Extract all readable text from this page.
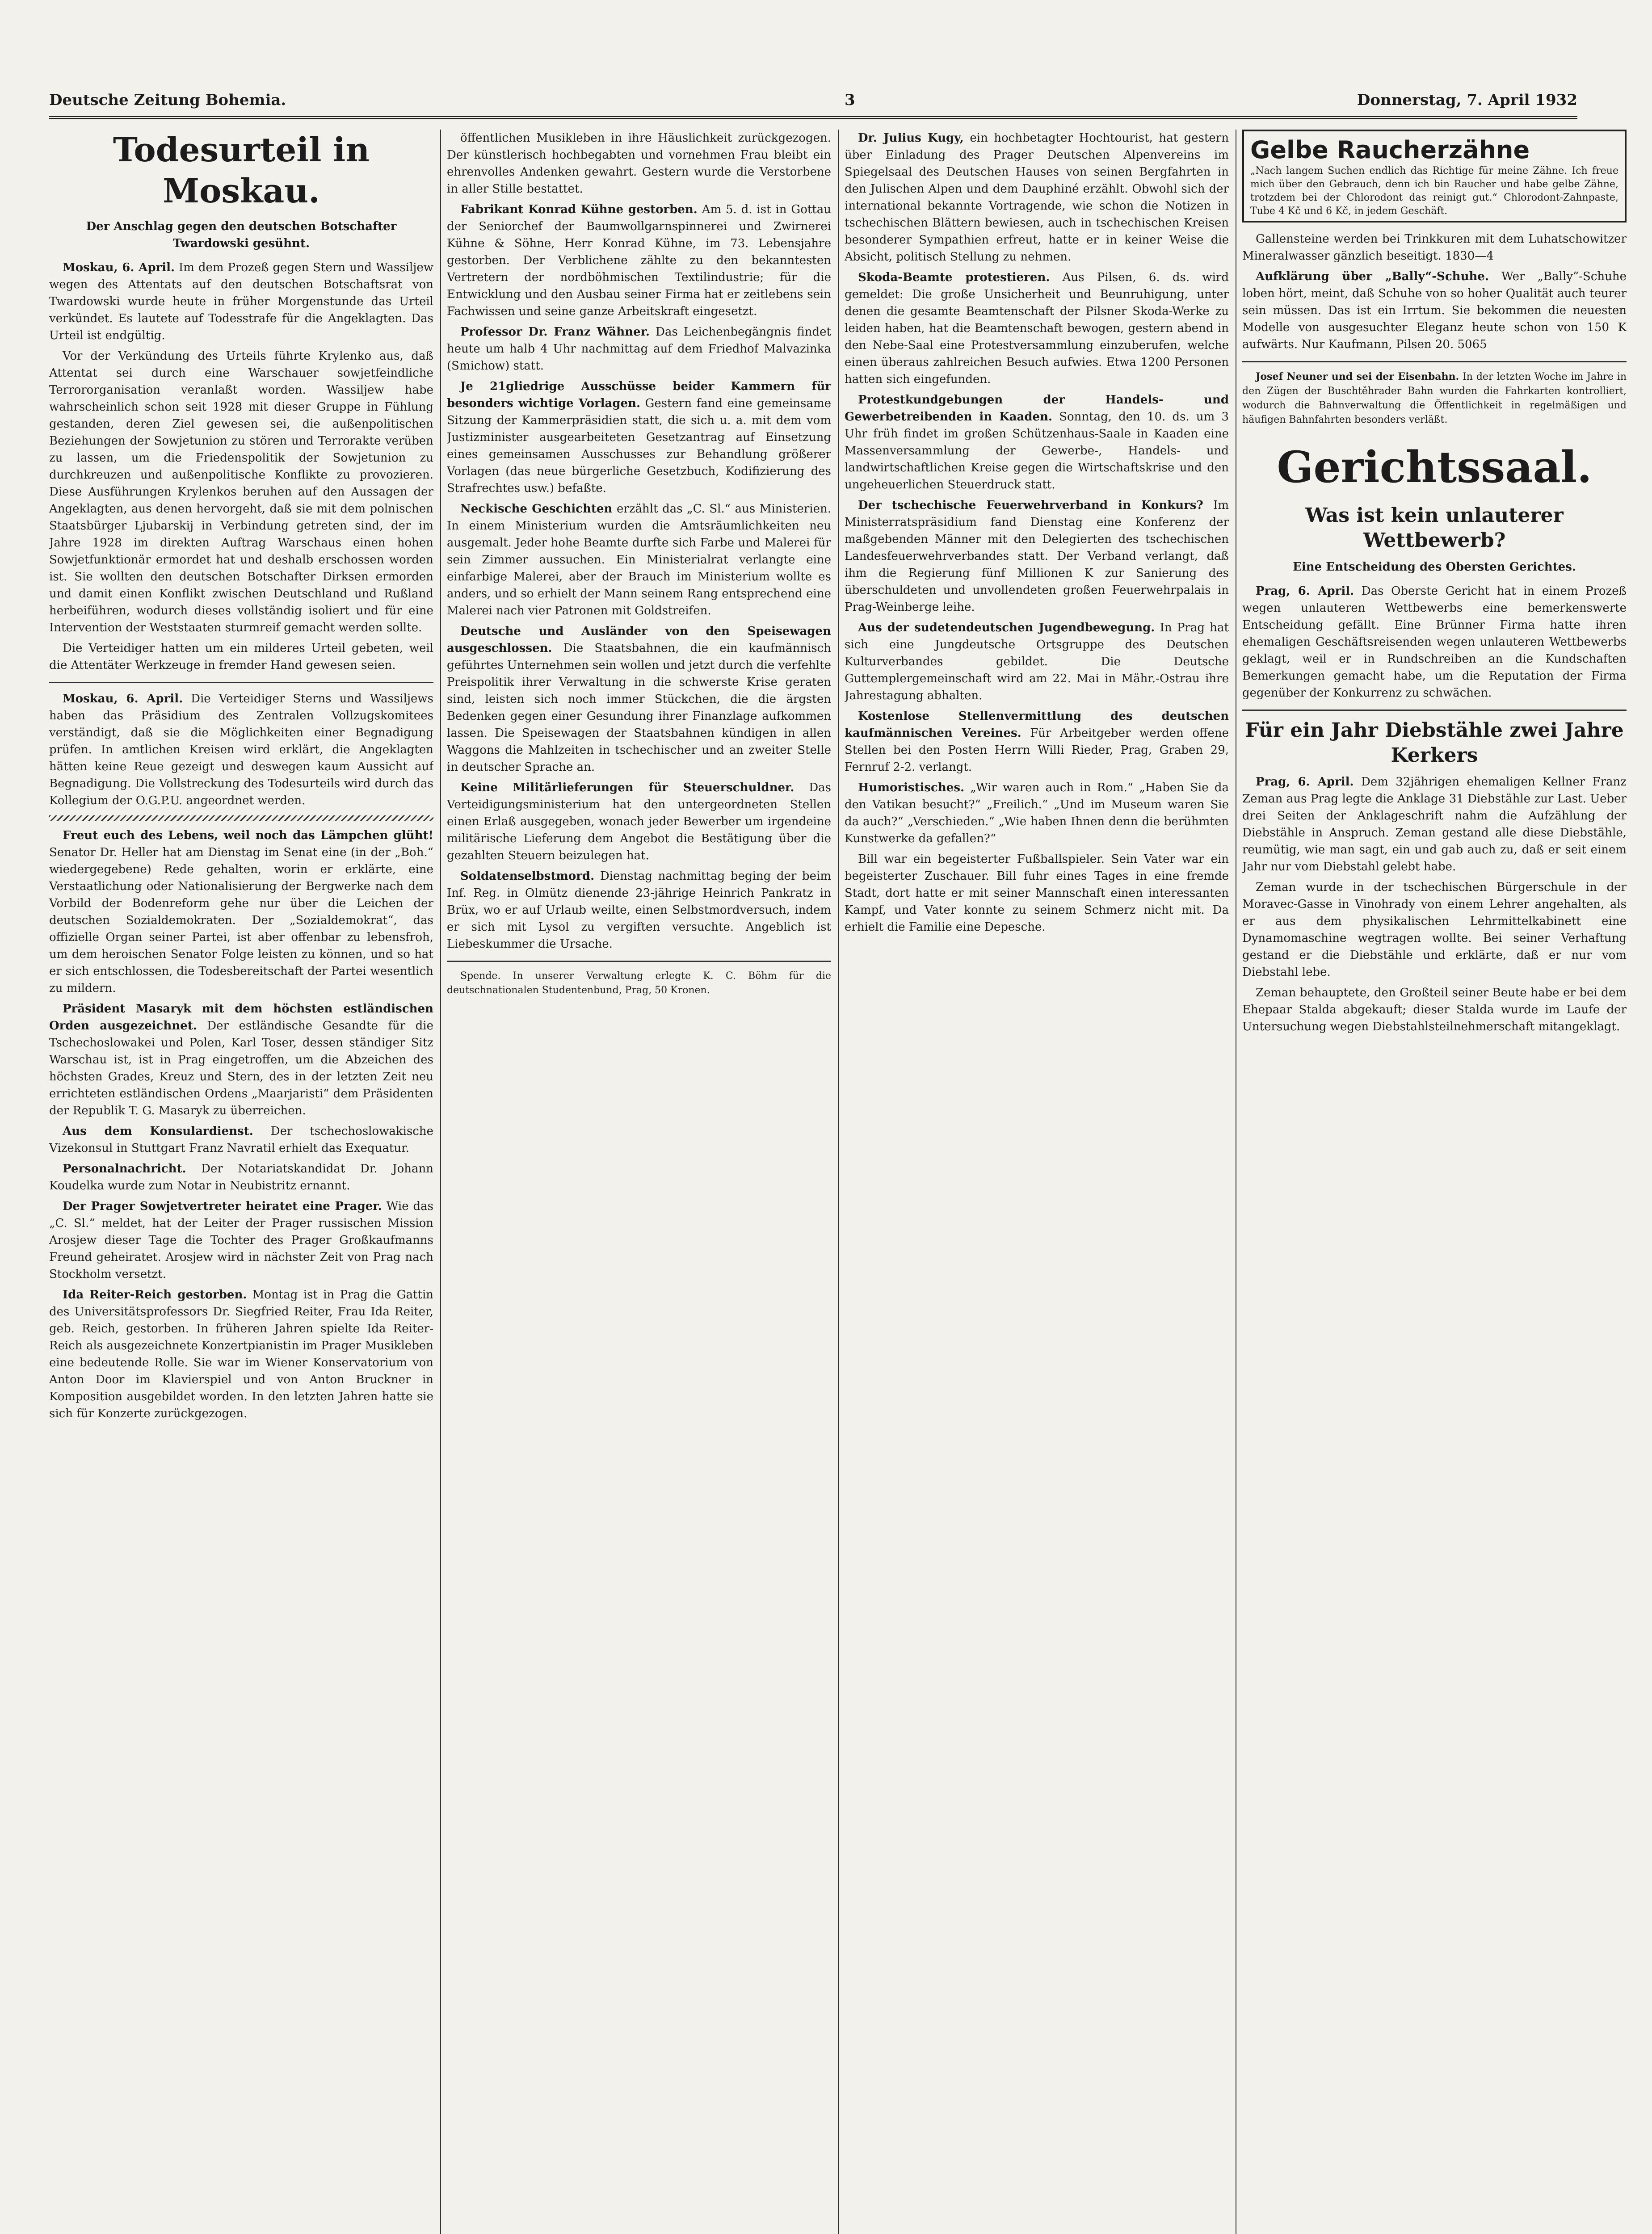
Deutsche Zeitung Bohemia.	3	Donnerstag, 7. April 1932
Todesurteil in Moskau.
Der Anschlag gegen den deutschen Botschafter Twardowski gesühnt.

Moskau, 6. April. Im dem Prozeß gegen Stern und Wassiljew wegen des Attentats auf den deutschen Botschaftsrat von Twardowski wurde heute in früher Morgenstunde das Urteil verkündet. Es lautete auf Todesstrafe für die Angeklagten. Das Urteil ist endgültig.

Vor der Verkündung des Urteils führte Krylenko aus, daß Attentat sei durch eine Warschauer sowjetfeindliche Terrororganisation veranlaßt worden. Wassiljew habe wahrscheinlich schon seit 1928 mit dieser Gruppe in Fühlung gestanden, deren Ziel gewesen sei, die außenpolitischen Beziehungen der Sowjetunion zu stören und Terrorakte verüben zu lassen, um die Friedenspolitik der Sowjetunion zu durchkreuzen und außenpolitische Konflikte zu provozieren. Diese Ausführungen Krylenkos beruhen auf den Aussagen der Angeklagten, aus denen hervorgeht, daß sie mit dem polnischen Staatsbürger Ljubarskij in Verbindung getreten sind, der im Jahre 1928 im direkten Auftrag Warschaus einen hohen Sowjetfunktionär ermordet hat und deshalb erschossen worden ist. Sie wollten den deutschen Botschafter Dirksen ermorden und damit einen Konflikt zwischen Deutschland und Rußland herbeiführen, wodurch dieses vollständig isoliert und für eine Intervention der Weststaaten sturmreif gemacht werden sollte.

Die Verteidiger hatten um ein milderes Urteil gebeten, weil die Attentäter Werkzeuge in fremder Hand gewesen seien.

Moskau, 6. April. Die Verteidiger Sterns und Wassiljews haben das Präsidium des Zentralen Vollzugskomitees verständigt, daß sie die Möglichkeiten einer Begnadigung prüfen. In amtlichen Kreisen wird erklärt, die Angeklagten hätten keine Reue gezeigt und deswegen kaum Aussicht auf Begnadigung. Die Vollstreckung des Todesurteils wird durch das Kollegium der O.G.P.U. angeordnet werden.

Freut euch des Lebens, weil noch das Lämpchen glüht! Senator Dr. Heller hat am Dienstag im Senat eine (in der „Boh.“ wiedergegebene) Rede gehalten, worin er erklärte, eine Verstaatlichung oder Nationalisierung der Bergwerke nach dem Vorbild der Bodenreform gehe nur über die Leichen der deutschen Sozialdemokraten. Der „Sozialdemokrat“, das offizielle Organ seiner Partei, ist aber offenbar zu lebensfroh, um dem heroischen Senator Folge leisten zu können, und so hat er sich entschlossen, die Todesbereitschaft der Partei wesentlich zu mildern.

Präsident Masaryk mit dem höchsten estländischen Orden ausgezeichnet. Der estländische Gesandte für die Tschechoslowakei und Polen, Karl Toser, dessen ständiger Sitz Warschau ist, ist in Prag eingetroffen, um die Abzeichen des höchsten Grades, Kreuz und Stern, des in der letzten Zeit neu errichteten estländischen Ordens „Maarjaristi“ dem Präsidenten der Republik T. G. Masaryk zu überreichen.

Aus dem Konsulardienst. Der tschechoslowakische Vizekonsul in Stuttgart Franz Navratil erhielt das Exequatur.

Personalnachricht. Der Notariatskandidat Dr. Johann Koudelka wurde zum Notar in Neubistritz ernannt.

Der Prager Sowjetvertreter heiratet eine Prager. Wie das „C. Sl.“ meldet, hat der Leiter der Prager russischen Mission Arosjew dieser Tage die Tochter des Prager Großkaufmanns Freund geheiratet. Arosjew wird in nächster Zeit von Prag nach Stockholm versetzt.

Ida Reiter-Reich gestorben. Montag ist in Prag die Gattin des Universitätsprofessors Dr. Siegfried Reiter, Frau Ida Reiter, geb. Reich, gestorben. In früheren Jahren spielte Ida Reiter-Reich als ausgezeichnete Konzertpianistin im Prager Musikleben eine bedeutende Rolle. Sie war im Wiener Konservatorium von Anton Door im Klavierspiel und von Anton Bruckner in Komposition ausgebildet worden. In den letzten Jahren hatte sie sich für Konzerte zurückgezogen.

öffentlichen Musikleben in ihre Häuslichkeit zurückgezogen. Der künstlerisch hochbegabten und vornehmen Frau bleibt ein ehrenvolles Andenken gewahrt. Gestern wurde die Verstorbene in aller Stille bestattet.

Fabrikant Konrad Kühne gestorben. Am 5. d. ist in Gottau der Seniorchef der Baumwollgarnspinnerei und Zwirnerei Kühne & Söhne, Herr Konrad Kühne, im 73. Lebensjahre gestorben. Der Verblichene zählte zu den bekanntesten Vertretern der nordböhmischen Textilindustrie; für die Entwicklung und den Ausbau seiner Firma hat er zeitlebens sein Fachwissen und seine ganze Arbeitskraft eingesetzt.

Professor Dr. Franz Wähner. Das Leichenbegängnis findet heute um halb 4 Uhr nachmittag auf dem Friedhof Malvazinka (Smichow) statt.

Je 21gliedrige Ausschüsse beider Kammern für besonders wichtige Vorlagen. Gestern fand eine gemeinsame Sitzung der Kammerpräsidien statt, die sich u. a. mit dem vom Justizminister ausgearbeiteten Gesetzantrag auf Einsetzung eines gemeinsamen Ausschusses zur Behandlung größerer Vorlagen (das neue bürgerliche Gesetzbuch, Kodifizierung des Strafrechtes usw.) befaßte.

Neckische Geschichten erzählt das „C. Sl.“ aus Ministerien. In einem Ministerium wurden die Amtsräumlichkeiten neu ausgemalt. Jeder hohe Beamte durfte sich Farbe und Malerei für sein Zimmer aussuchen. Ein Ministerialrat verlangte eine einfarbige Malerei, aber der Brauch im Ministerium wollte es anders, und so erhielt der Mann seinem Rang entsprechend eine Malerei nach vier Patronen mit Goldstreifen.

Deutsche und Ausländer von den Speisewagen ausgeschlossen. Die Staatsbahnen, die ein kaufmännisch geführtes Unternehmen sein wollen und jetzt durch die verfehlte Preispolitik ihrer Verwaltung in die schwerste Krise geraten sind, leisten sich noch immer Stückchen, die die ärgsten Bedenken gegen einer Gesundung ihrer Finanzlage aufkommen lassen. Die Speisewagen der Staatsbahnen kündigen in allen Waggons die Mahlzeiten in tschechischer und an zweiter Stelle in deutscher Sprache an.

Keine Militärlieferungen für Steuerschuldner. Das Verteidigungsministerium hat den untergeordneten Stellen einen Erlaß ausgegeben, wonach jeder Bewerber um irgendeine militärische Lieferung dem Angebot die Bestätigung über die gezahlten Steuern beizulegen hat.

Soldatenselbstmord. Dienstag nachmittag beging der beim Inf. Reg. in Olmütz dienende 23-jährige Heinrich Pankratz in Brüx, wo er auf Urlaub weilte, einen Selbstmordversuch, indem er sich mit Lysol zu vergiften versuchte. Angeblich ist Liebeskummer die Ursache.

Spende. In unserer Verwaltung erlegte K. C. Böhm für die deutschnationalen Studentenbund, Prag, 50 Kronen.

Dr. Julius Kugy, ein hochbetagter Hochtourist, hat gestern über Einladung des Prager Deutschen Alpenvereins im Spiegelsaal des Deutschen Hauses von seinen Bergfahrten in den Julischen Alpen und dem Dauphiné erzählt. Obwohl sich der international bekannte Vortragende, wie schon die Notizen in tschechischen Blättern bewiesen, auch in tschechischen Kreisen besonderer Sympathien erfreut, hatte er in keiner Weise die Absicht, politisch Stellung zu nehmen.

Skoda-Beamte protestieren. Aus Pilsen, 6. ds. wird gemeldet: Die große Unsicherheit und Beunruhigung, unter denen die gesamte Beamtenschaft der Pilsner Skoda-Werke zu leiden haben, hat die Beamtenschaft bewogen, gestern abend in den Nebe-Saal eine Protestversammlung einzuberufen, welche einen überaus zahlreichen Besuch aufwies. Etwa 1200 Personen hatten sich eingefunden.

Protestkundgebungen der Handels- und Gewerbetreibenden in Kaaden. Sonntag, den 10. ds. um 3 Uhr früh findet im großen Schützenhaus-Saale in Kaaden eine Massenversammlung der Gewerbe-, Handels- und landwirtschaftlichen Kreise gegen die Wirtschaftskrise und den ungeheuerlichen Steuerdruck statt.

Der tschechische Feuerwehrverband in Konkurs? Im Ministerratspräsidium fand Dienstag eine Konferenz der maßgebenden Männer mit den Delegierten des tschechischen Landesfeuerwehrverbandes statt. Der Verband verlangt, daß ihm die Regierung fünf Millionen K zur Sanierung des überschuldeten und unvollendeten großen Feuerwehrpalais in Prag-Weinberge leihe.

Aus der sudetendeutschen Jugendbewegung. In Prag hat sich eine Jungdeutsche Ortsgruppe des Deutschen Kulturverbandes gebildet. Die Deutsche Guttemplergemeinschaft wird am 22. Mai in Mähr.-Ostrau ihre Jahrestagung abhalten.

Kostenlose Stellenvermittlung des deutschen kaufmännischen Vereines. Für Arbeitgeber werden offene Stellen bei den Posten Herrn Willi Rieder, Prag, Graben 29, Fernruf 2-2. verlangt.

Humoristisches. „Wir waren auch in Rom.“ „Haben Sie da den Vatikan besucht?“ „Freilich.“ „Und im Museum waren Sie da auch?“ „Verschieden.“ „Wie haben Ihnen denn die berühmten Kunstwerke da gefallen?“

Bill war ein begeisterter Fußballspieler. Sein Vater war ein begeisterter Zuschauer. Bill fuhr eines Tages in eine fremde Stadt, dort hatte er mit seiner Mannschaft einen interessanten Kampf, und Vater konnte zu seinem Schmerz nicht mit. Da erhielt die Familie eine Depesche.

Gelbe Raucherzähne
„Nach langem Suchen endlich das Richtige für meine Zähne. Ich freue mich über den Gebrauch, denn ich bin Raucher und habe gelbe Zähne, trotzdem bei der Chlorodont das reinigt gut.“ Chlorodont-Zahnpaste, Tube 4 Kč und 6 Kč, in jedem Geschäft.

Gallensteine werden bei Trinkkuren mit dem Luhatschowitzer Mineralwasser gänzlich beseitigt. 1830—4

Aufklärung über „Bally“-Schuhe. Wer „Bally“-Schuhe loben hört, meint, daß Schuhe von so hoher Qualität auch teurer sein müssen. Das ist ein Irrtum. Sie bekommen die neuesten Modelle von ausgesuchter Eleganz heute schon von 150 K aufwärts. Nur Kaufmann, Pilsen 20. 5065

Josef Neuner und sei der Eisenbahn. In der letzten Woche im Jahre in den Zügen der Buschtěhrader Bahn wurden die Fahrkarten kontrolliert, wodurch die Bahnverwaltung die Öffentlichkeit in regelmäßigen und häufigen Bahnfahrten besonders verläßt.

Gerichtssaal.
Was ist kein unlauterer Wettbewerb?
Eine Entscheidung des Obersten Gerichtes.

Prag, 6. April. Das Oberste Gericht hat in einem Prozeß wegen unlauteren Wettbewerbs eine bemerkenswerte Entscheidung gefällt. Eine Brünner Firma hatte ihren ehemaligen Geschäftsreisenden wegen unlauteren Wettbewerbs geklagt, weil er in Rundschreiben an die Kundschaften Bemerkungen gemacht habe, um die Reputation der Firma gegenüber der Konkurrenz zu schwächen.

Für ein Jahr Diebstähle zwei Jahre Kerkers

Prag, 6. April. Dem 32jährigen ehemaligen Kellner Franz Zeman aus Prag legte die Anklage 31 Diebstähle zur Last. Ueber drei Seiten der Anklageschrift nahm die Aufzählung der Diebstähle in Anspruch. Zeman gestand alle diese Diebstähle, reumütig, wie man sagt, ein und gab auch zu, daß er seit einem Jahr nur vom Diebstahl gelebt habe.

Zeman wurde in der tschechischen Bürgerschule in der Moravec-Gasse in Vinohrady von einem Lehrer angehalten, als er aus dem physikalischen Lehrmittelkabinett eine Dynamomaschine wegtragen wollte. Bei seiner Verhaftung gestand er die Diebstähle und erklärte, daß er nur vom Diebstahl lebe.

Zeman behauptete, den Großteil seiner Beute habe er bei dem Ehepaar Stalda abgekauft; dieser Stalda wurde im Laufe der Untersuchung wegen Diebstahlsteilnehmerschaft mitangeklagt.
